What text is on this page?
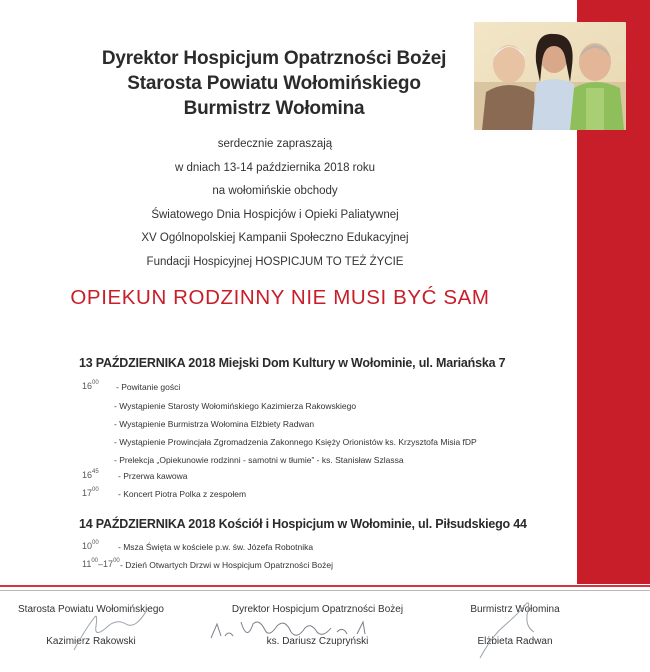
Dyrektor Hospicjum Opatrzności Bożej
Starosta Powiatu Wołomińskiego
Burmistrz Wołomina
serdecznie zapraszają
w dniach 13-14 października 2018 roku
na wołomińskie obchody
Światowego Dnia Hospicjów i Opieki Paliatywnej
XV Ogólnopolskiej Kampanii Społeczno Edukacyjnej
Fundacji Hospicyjnej HOSPICJUM TO TEŻ ŻYCIE
OPIEKUN RODZINNY NIE MUSI BYĆ SAM
13 PAŹDZIERNIKA 2018 Miejski Dom Kultury w Wołominie, ul. Mariańska 7
$16^{00}$ - Powitanie gości
- Wystąpienie Starosty Wołomińskiego Kazimierza Rakowskiego
- Wystąpienie Burmistrza Wołomina Elżbiety Radwan
- Wystąpienie Prowincjała Zgromadzenia Zakonnego Księży Orionistów ks. Krzysztofa Misia fDP
- Prelekcja „Opiekunowie rodzinni - samotni w tłumie” - ks. Stanisław Szlassa
$16^{45}$ - Przerwa kawowa
$17^{00}$ - Koncert Piotra Polka z zespołem
14 PAŹDZIERNIKA 2018 Kościół i Hospicjum w Wołominie, ul. Piłsudskiego 44
$10^{00}$ - Msza Święta w kościele p.w. św. Józefa Robotnika
$11^{00}-17^{00}$ - Dzień Otwartych Drzwi w Hospicjum Opatrzności Bożej
Starosta Powiatu Wołomińskiego
Kazimierz Rakowski
Dyrektor Hospicjum Opatrzności Bożej
ks. Dariusz Czupryński
Burmistrz Wołomina
Elżbieta Radwan
